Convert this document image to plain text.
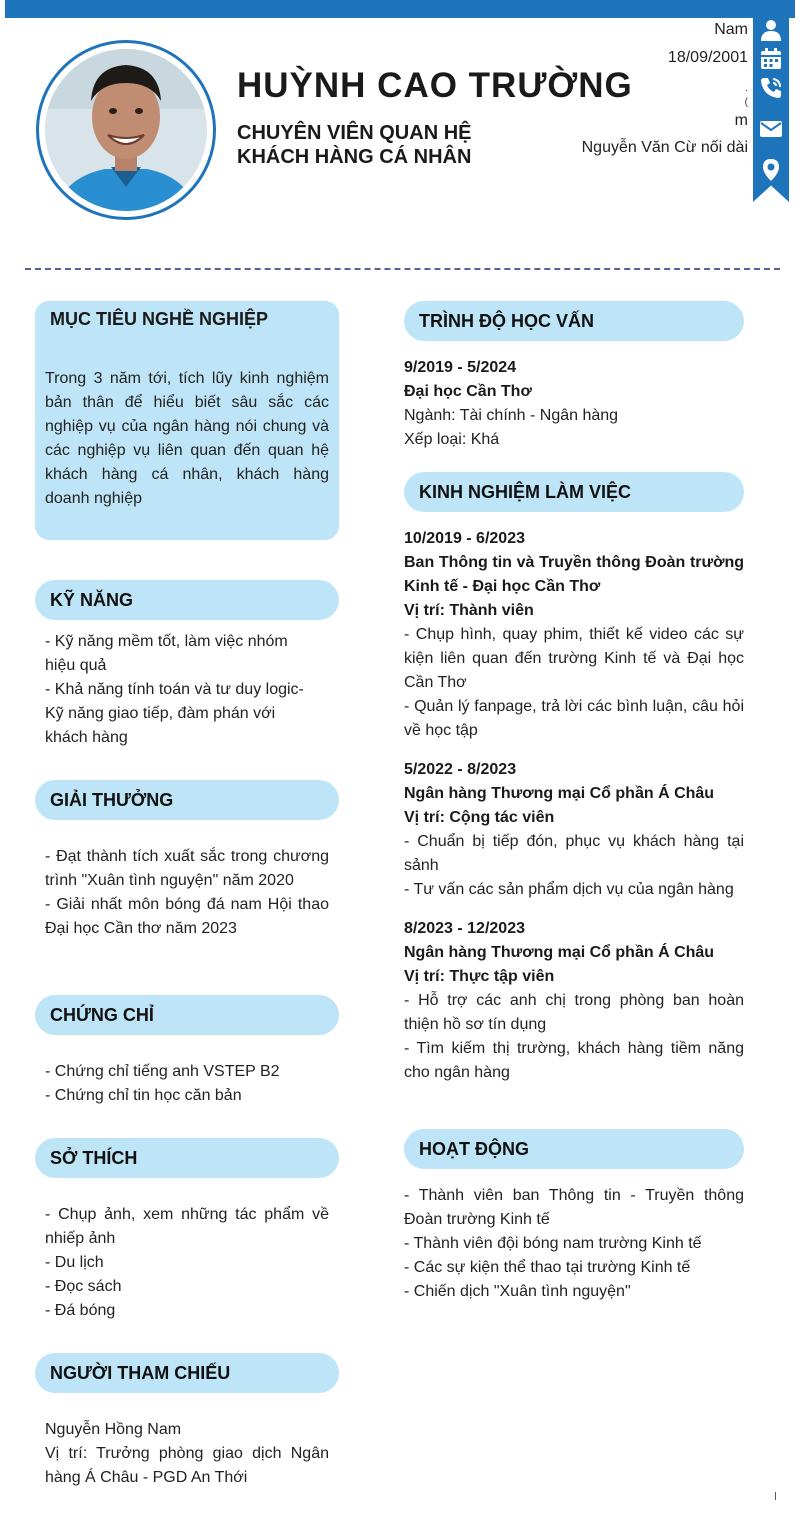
HUỲNH CAO TRƯỜNG
CHUYÊN VIÊN QUAN HỆ KHÁCH HÀNG CÁ NHÂN
Nam
18/09/2001
.
(
m
Nguyễn Văn Cừ nối dài
MỤC TIÊU NGHỀ NGHIỆP
Trong 3 năm tới, tích lũy kinh nghiệm bản thân để hiểu biết sâu sắc các nghiệp vụ của ngân hàng nói chung và các nghiệp vụ liên quan đến quan hệ khách hàng cá nhân, khách hàng doanh nghiệp
KỸ NĂNG
- Kỹ năng mềm tốt, làm việc nhóm hiệu quả
- Khả năng tính toán và tư duy logic- Kỹ năng giao tiếp, đàm phán với khách hàng
GIẢI THƯỞNG
- Đạt thành tích xuất sắc trong chương trình "Xuân tình nguyện" năm 2020
- Giải nhất môn bóng đá nam Hội thao Đại học Cần thơ năm 2023
CHỨNG CHỈ
- Chứng chỉ tiếng anh VSTEP B2
- Chứng chỉ tin học căn bản
SỞ THÍCH
- Chụp ảnh, xem những tác phẩm về nhiếp ảnh
- Du lịch
- Đọc sách
- Đá bóng
NGƯỜI THAM CHIẾU
Nguyễn Hồng Nam
Vị trí: Trưởng phòng giao dịch Ngân hàng Á Châu - PGD An Thới
TRÌNH ĐỘ HỌC VẤN
9/2019 - 5/2024
Đại học Cần Thơ
Ngành: Tài chính - Ngân hàng
Xếp loại: Khá
KINH NGHIỆM LÀM VIỆC
10/2019 - 6/2023
Ban Thông tin và Truyền thông Đoàn trường Kinh tế - Đại học Cần Thơ
Vị trí: Thành viên
- Chụp hình, quay phim, thiết kế video các sự kiện liên quan đến trường Kinh tế và Đại học Cần Thơ
- Quản lý fanpage, trả lời các bình luận, câu hỏi về học tập
5/2022 - 8/2023
Ngân hàng Thương mại Cổ phần Á Châu
Vị trí: Cộng tác viên
- Chuẩn bị tiếp đón, phục vụ khách hàng tại sảnh
- Tư vấn các sản phẩm dịch vụ của ngân hàng
8/2023 - 12/2023
Ngân hàng Thương mại Cổ phần Á Châu
Vị trí: Thực tập viên
- Hỗ trợ các anh chị trong phòng ban hoàn thiện hồ sơ tín dụng
- Tìm kiếm thị trường, khách hàng tiềm năng cho ngân hàng
HOẠT ĐỘNG
- Thành viên ban Thông tin - Truyền thông Đoàn trường Kinh tế
- Thành viên đội bóng nam trường Kinh tế
- Các sự kiện thể thao tại trường Kinh tế
- Chiến dịch "Xuân tình nguyện"
